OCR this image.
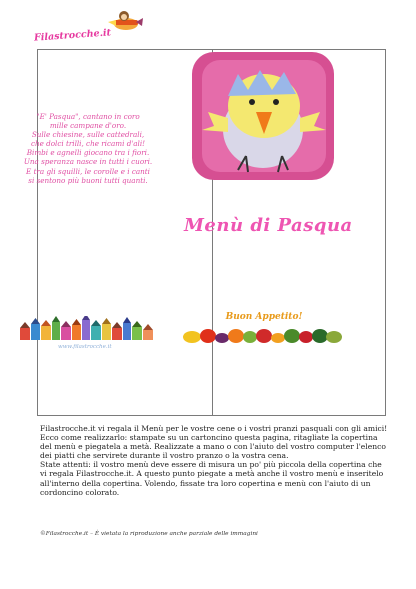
Filastrocche.it
"E' Pasqua", cantano in coro
mille campane d'oro.
Sulle chiesine, sulle cattedrali,
che dolci trilli, che ricami d'ali!
Bimbi e agnelli giocano tra i fiori.
Una speranza nasce in tutti i cuori.
E tra gli squilli, le corolle e i canti
si sentono più buoni tutti quanti.
www.filastrocche.it
Menù di Pasqua
Buon Appetito!
Filastrocche.it vi regala il Menù per le vostre cene o i vostri pranzi pasquali con gli amici!
Ecco come realizzarlo: stampate su un cartoncino questa pagina, ritagliate la copertina del menù e piegatela a metà. Realizzate a mano o con l'aiuto del vostro computer l'elenco dei piatti che servirete durante il vostro pranzo o la vostra cena.
State attenti: il vostro menù deve essere di misura un po' più piccola della copertina che vi regala Filastrocche.it. A questo punto piegate a metà anche il vostro menù e inseritelo all'interno della copertina. Volendo, fissate tra loro copertina e menù con l'aiuto di un cordoncino colorato.
©Filastrocche.it – È vietata la riproduzione anche parziale delle immagini
